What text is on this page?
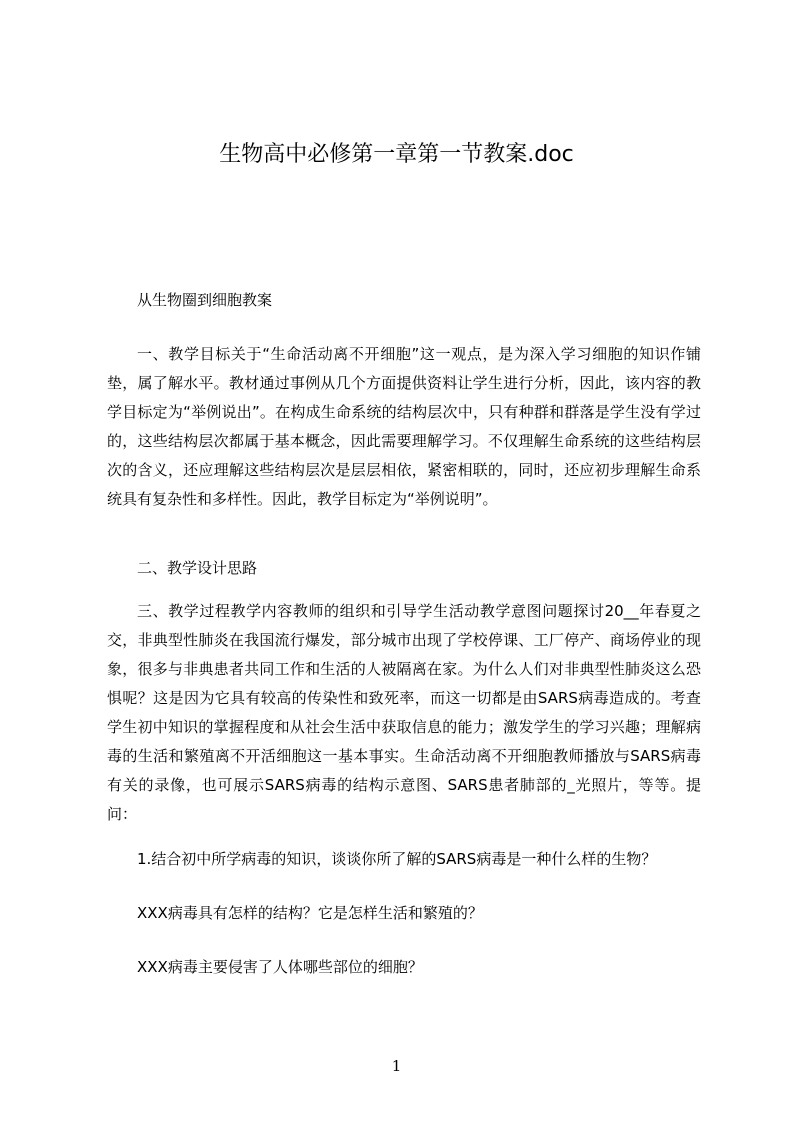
生物高中必修第一章第一节教案.doc

从生物圈到细胞教案

一、教学目标关于“生命活动离不开细胞”这一观点，是为深入学习细胞的知识作铺垫，属了解水平。教材通过事例从几个方面提供资料让学生进行分析，因此，该内容的教学目标定为“举例说出”。在构成生命系统的结构层次中，只有种群和群落是学生没有学过的，这些结构层次都属于基本概念，因此需要理解学习。不仅理解生命系统的这些结构层次的含义，还应理解这些结构层次是层层相依，紧密相联的，同时，还应初步理解生命系统具有复杂性和多样性。因此，教学目标定为“举例说明”。

二、教学设计思路

三、教学过程教学内容教师的组织和引导学生活动教学意图问题探讨20__年春夏之交，非典型性肺炎在我国流行爆发，部分城市出现了学校停课、工厂停产、商场停业的现象，很多与非典患者共同工作和生活的人被隔离在家。为什么人们对非典型性肺炎这么恐惧呢？这是因为它具有较高的传染性和致死率，而这一切都是由SARS病毒造成的。考查学生初中知识的掌握程度和从社会生活中获取信息的能力；激发学生的学习兴趣；理解病毒的生活和繁殖离不开活细胞这一基本事实。生命活动离不开细胞教师播放与SARS病毒有关的录像，也可展示SARS病毒的结构示意图、SARS患者肺部的_光照片，等等。提问：

1.结合初中所学病毒的知识，谈谈你所了解的SARS病毒是一种什么样的生物？

XXX病毒具有怎样的结构？它是怎样生活和繁殖的？

XXX病毒主要侵害了人体哪些部位的细胞？

1
